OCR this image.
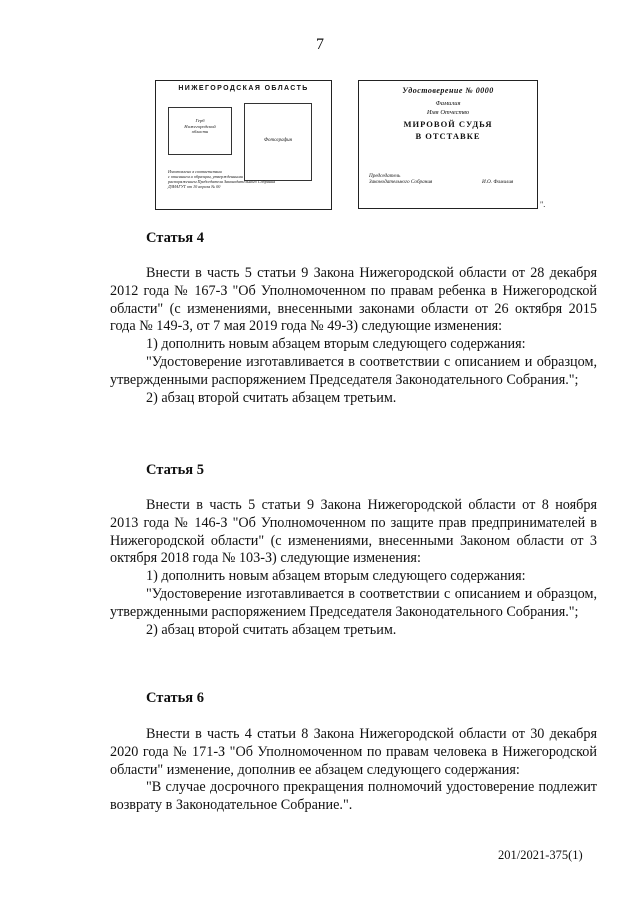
7
НИЖЕГОРОДСКАЯ ОБЛАСТЬ
Герб
Нижегородской
области
Фотография
Изготовлено в соответствии
с описанием и образцом, утвержденными
распоряжением Председателя Законодательного Собрания
ДЗНАГУТ от 10 апреля № 00
Удостоверение № 0000
Фамилия
Имя Отчество
МИРОВОЙ СУДЬЯ
В ОТСТАВКЕ
Председатель
Законодательного Собрания	И.О. Фамилия
".
Статья 4

Внести в часть 5 статьи 9 Закона Нижегородской области от 28 декабря 2012 года № 167-З "Об Уполномоченном по правам ребенка в Нижегородской области" (с изменениями, внесенными законами области от 26 октября 2015 года № 149-З, от 7 мая 2019 года № 49-З) следующие изменения:

1) дополнить новым абзацем вторым следующего содержания:

"Удостоверение изготавливается в соответствии с описанием и образцом, утвержденными распоряжением Председателя Законодательного Собрания.";

2) абзац второй считать абзацем третьим.

Статья 5

Внести в часть 5 статьи 9 Закона Нижегородской области от 8 ноября 2013 года № 146-З "Об Уполномоченном по защите прав предпринимателей в Нижегородской области" (с изменениями, внесенными Законом области от 3 октября 2018 года № 103-З) следующие изменения:

1) дополнить новым абзацем вторым следующего содержания:

"Удостоверение изготавливается в соответствии с описанием и образцом, утвержденными распоряжением Председателя Законодательного Собрания.";

2) абзац второй считать абзацем третьим.

Статья 6

Внести в часть 4 статьи 8 Закона Нижегородской области от 30 декабря 2020 года № 171-З "Об Уполномоченном по правам человека в Нижегородской области" изменение, дополнив ее абзацем следующего содержания:

"В случае досрочного прекращения полномочий удостоверение подлежит возврату в Законодательное Собрание.".

201/2021-375(1)
